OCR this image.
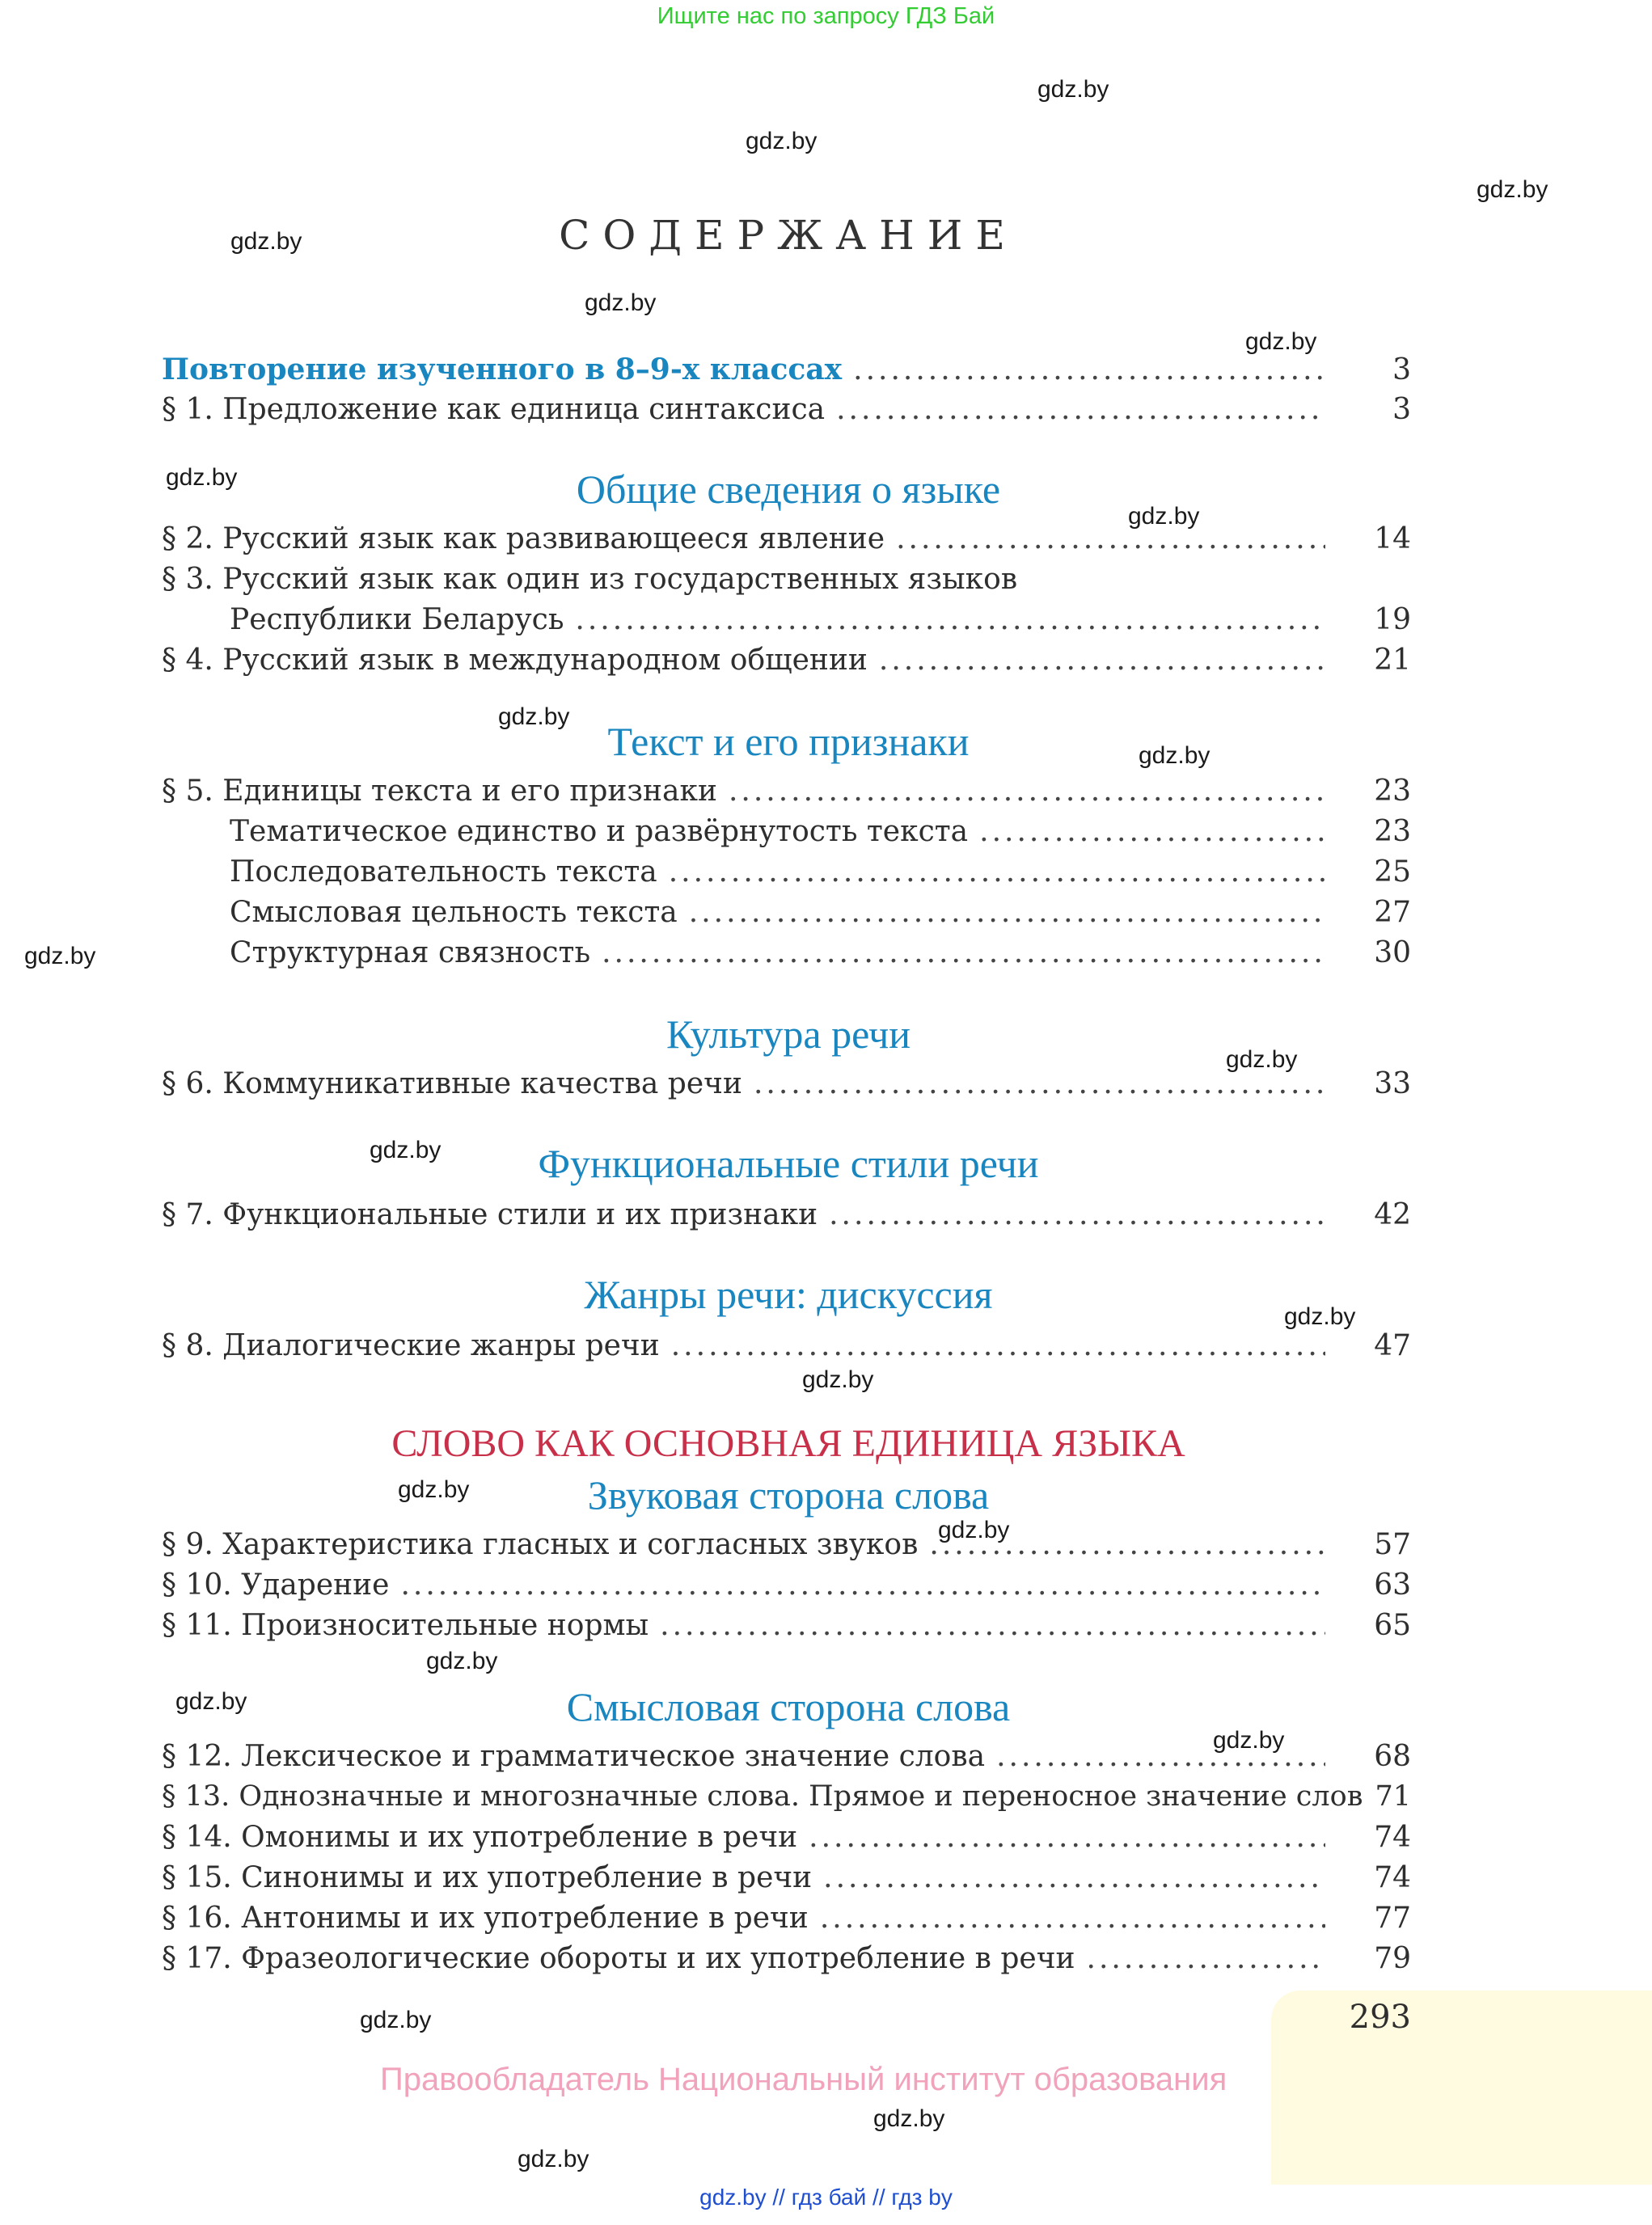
Ищите нас по запросу ГДЗ Бай
gdz.by
gdz.by
gdz.by
gdz.by
gdz.by
gdz.by
gdz.by
gdz.by
gdz.by
gdz.by
gdz.by
gdz.by
gdz.by
gdz.by
gdz.by
gdz.by
gdz.by
gdz.by
gdz.by
gdz.by
gdz.by
gdz.by
gdz.by
СОДЕРЖАНИЕ
Общие сведения о языке
Текст и его признаки
Культура речи
Функциональные стили речи
Жанры речи: дискуссия
СЛОВО КАК ОСНОВНАЯ ЕДИНИЦА ЯЗЫКА
Звуковая сторона слова
Смысловая сторона слова
Повторение изученного в 8–9-х классах .....	3
§ 1. Предложение как единица синтаксиса .....	3
§ 2. Русский язык как развивающееся явление .....	14
§ 3. Русский язык как один из государственных языков
Республики Беларусь .....	19
§ 4. Русский язык в международном общении .....	21
§ 5. Единицы текста и его признаки .....	23
Тематическое единство и развёрнутость текста .....	23
Последовательность текста .....	25
Смысловая цельность текста .....	27
Структурная связность .....	30
§ 6. Коммуникативные качества речи .....	33
§ 7. Функциональные стили и их признаки .....	42
§ 8. Диалогические жанры речи .....	47
§ 9. Характеристика гласных и согласных звуков .....	57
§ 10. Ударение .....	63
§ 11. Произносительные нормы .....	65
§ 12. Лексическое и грамматическое значение слова .....	68
§ 13. Однозначные и многозначные слова. Прямое и переносное значение слов 71
§ 14. Омонимы и их употребление в речи .....	74
§ 15. Синонимы и их употребление в речи .....	74
§ 16. Антонимы и их употребление в речи .....	77
§ 17. Фразеологические обороты и их употребление в речи .....	79
293
Правообладатель Национальный институт образования
gdz.by // гдз бай // гдз by
